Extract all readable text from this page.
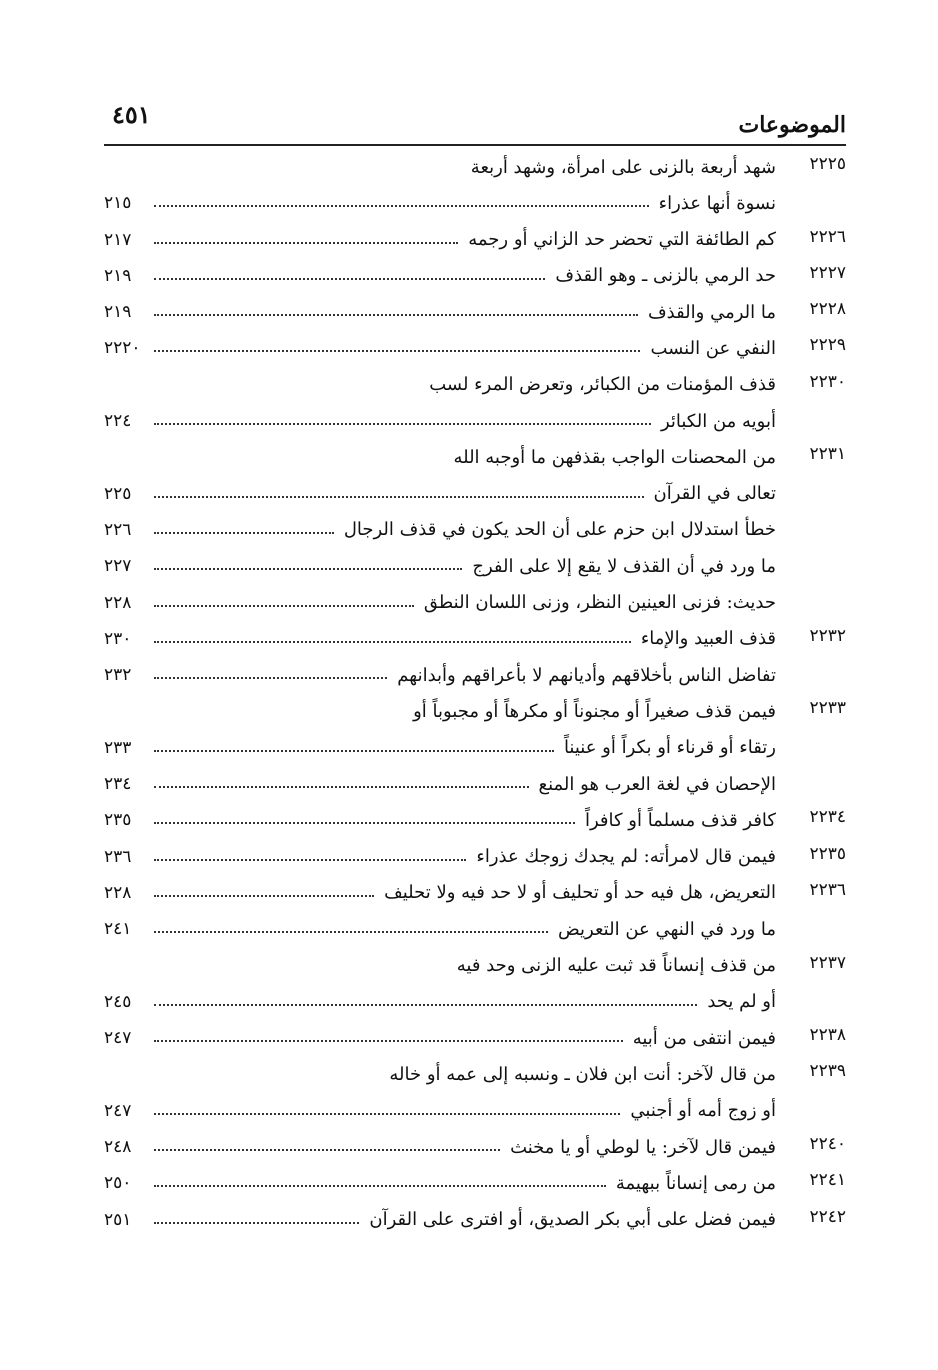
الموضوعات
٤٥١
٢٢٢٥
شهد أربعة بالزنى على امرأة، وشهد أربعة
نسوة أنها عذراء
٢١٥
٢٢٢٦
كم الطائفة التي تحضر حد الزاني أو رجمه
٢١٧
٢٢٢٧
حد الرمي بالزنى ـ وهو القذف
٢١٩
٢٢٢٨
ما الرمي والقذف
٢١٩
٢٢٢٩
النفي عن النسب
٢٢٢٠
٢٢٣٠
قذف المؤمنات من الكبائر، وتعرض المرء لسب
أبويه من الكبائر
٢٢٤
٢٢٣١
من المحصنات الواجب بقذفهن ما أوجبه الله
تعالى في القرآن
٢٢٥
خطأ استدلال ابن حزم على أن الحد يكون في قذف الرجال
٢٢٦
ما ورد في أن القذف لا يقع إلا على الفرج
٢٢٧
حديث: فزنى العينين النظر، وزنى اللسان النطق
٢٢٨
٢٢٣٢
قذف العبيد والإماء
٢٣٠
تفاضل الناس بأخلاقهم وأديانهم لا بأعراقهم وأبدانهم
٢٣٢
٢٢٣٣
فيمن قذف صغيراً أو مجنوناً أو مكرهاً أو مجبوباً أو
رتقاء أو قرناء أو بكراً أو عنيناً
٢٣٣
الإحصان في لغة العرب هو المنع
٢٣٤
٢٢٣٤
كافر قذف مسلماً أو كافراً
٢٣٥
٢٢٣٥
فيمن قال لامرأته: لم يجدك زوجك عذراء
٢٣٦
٢٢٣٦
التعريض، هل فيه حد أو تحليف أو لا حد فيه ولا تحليف
٢٢٨
ما ورد في النهي عن التعريض
٢٤١
٢٢٣٧
من قذف إنساناً قد ثبت عليه الزنى وحد فيه
أو لم يحد
٢٤٥
٢٢٣٨
فيمن انتفى من أبيه
٢٤٧
٢٢٣٩
من قال لآخر: أنت ابن فلان ـ ونسبه إلى عمه أو خاله
أو زوج أمه أو أجنبي
٢٤٧
٢٢٤٠
فيمن قال لآخر: يا لوطي أو يا مخنث
٢٤٨
٢٢٤١
من رمى إنساناً ببهيمة
٢٥٠
٢٢٤٢
فيمن فضل على أبي بكر الصديق، أو افترى على القرآن
٢٥١
